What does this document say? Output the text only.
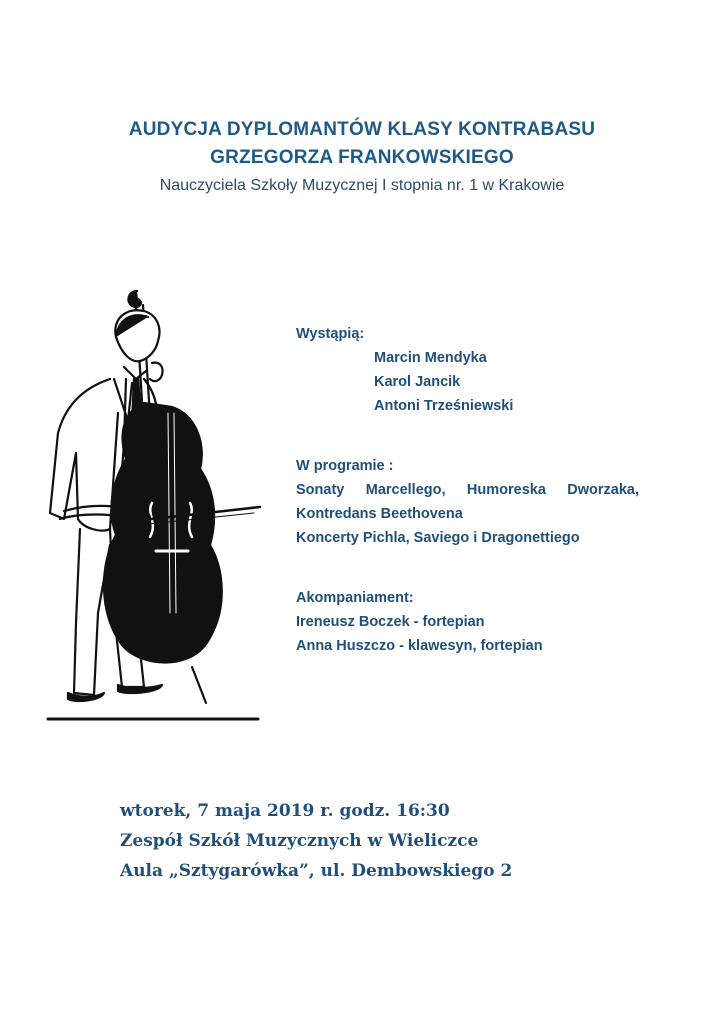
AUDYCJA DYPLOMANTÓW KLASY KONTRABASU
GRZEGORZA FRANKOWSKIEGO
Nauczyciela Szkoły Muzycznej I stopnia nr. 1 w Krakowie
Wystąpią:
Marcin Mendyka
Karol Jancik
Antoni Trześniewski
W programie :
Sonaty Marcellego, Humoreska Dworzaka,
Kontredans Beethovena
Koncerty Pichla, Saviego i Dragonettiego
Akompaniament:
Ireneusz Boczek - fortepian
Anna Huszczo - klawesyn, fortepian
wtorek, 7 maja 2019 r. godz. 16:30
Zespół Szkół Muzycznych w Wieliczce
Aula „Sztygarówka”, ul. Dembowskiego 2
